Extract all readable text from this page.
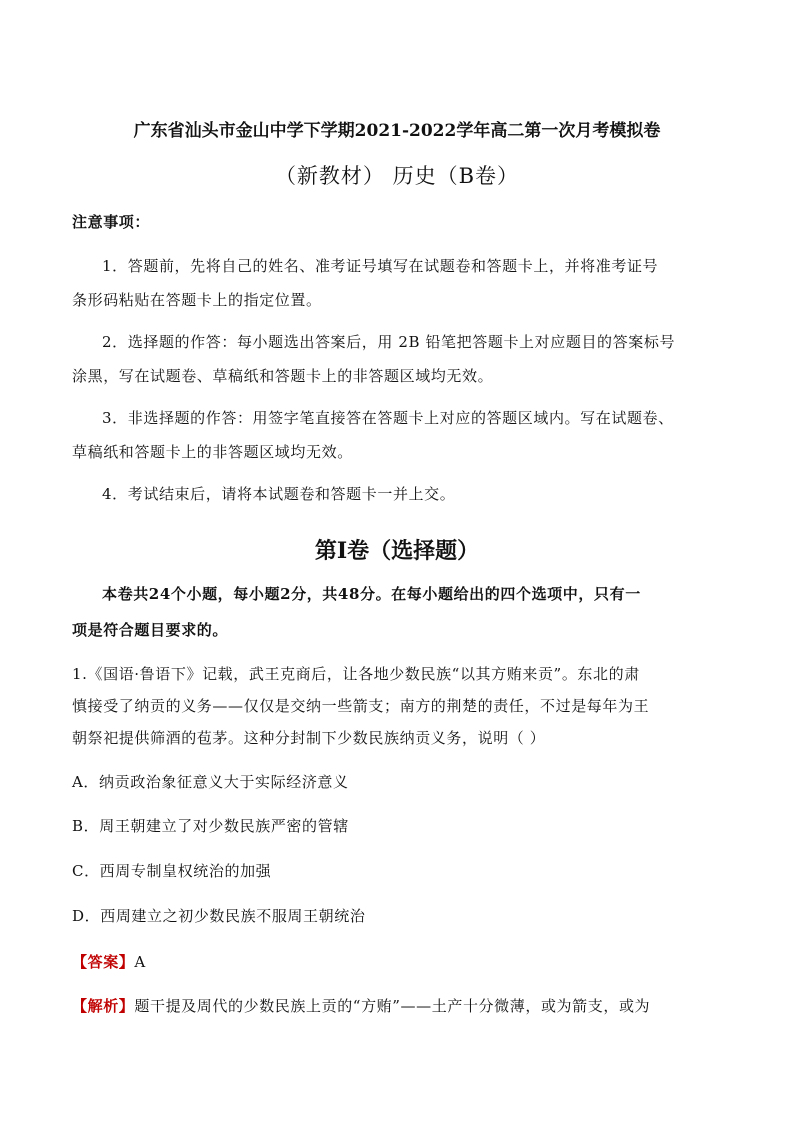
广东省汕头市金山中学下学期2021-2022学年高二第一次月考模拟卷
（新教材） 历史（B卷）
注意事项：
1．答题前，先将自己的姓名、准考证号填写在试题卷和答题卡上，并将准考证号
条形码粘贴在答题卡上的指定位置。
2．选择题的作答：每小题选出答案后，用 2B 铅笔把答题卡上对应题目的答案标号
涂黑，写在试题卷、草稿纸和答题卡上的非答题区域均无效。
3．非选择题的作答：用签字笔直接答在答题卡上对应的答题区域内。写在试题卷、
草稿纸和答题卡上的非答题区域均无效。
4．考试结束后，请将本试题卷和答题卡一并上交。
第Ⅰ卷（选择题）
本卷共24个小题，每小题2分，共48分。在每小题给出的四个选项中，只有一
项是符合题目要求的。
1.《国语·鲁语下》记载，武王克商后，让各地少数民族“以其方贿来贡”。东北的肃
慎接受了纳贡的义务——仅仅是交纳一些箭支；南方的荆楚的责任，不过是每年为王
朝祭祀提供筛酒的苞茅。这种分封制下少数民族纳贡义务，说明（ ）
A．纳贡政治象征意义大于实际经济意义
B．周王朝建立了对少数民族严密的管辖
C．西周专制皇权统治的加强
D．西周建立之初少数民族不服周王朝统治
【答案】A
【解析】题干提及周代的少数民族上贡的“方贿”——土产十分微薄，或为箭支，或为
